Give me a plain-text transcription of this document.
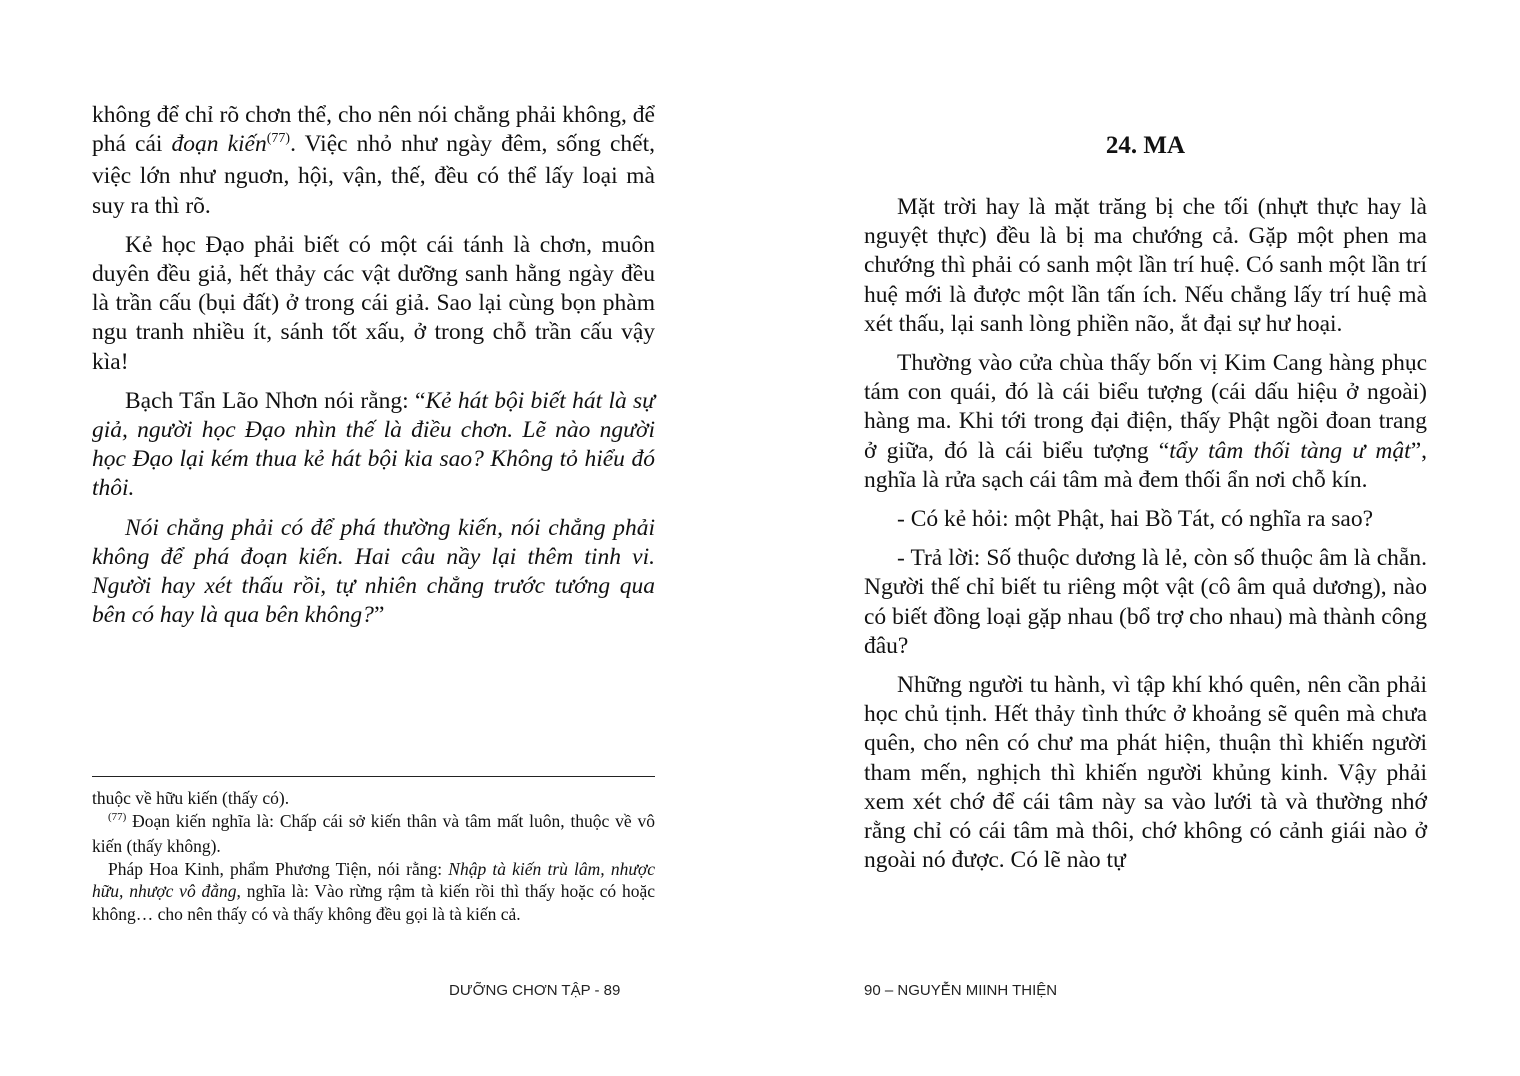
không để chỉ rõ chơn thể, cho nên nói chẳng phải không, để phá cái đoạn kiến$^{(77)}$. Việc nhỏ như ngày đêm, sống chết, việc lớn như nguơn, hội, vận, thế, đều có thể lấy loại mà suy ra thì rõ.

Kẻ học Đạo phải biết có một cái tánh là chơn, muôn duyên đều giả, hết thảy các vật dưỡng sanh hằng ngày đều là trần cấu (bụi đất) ở trong cái giả. Sao lại cùng bọn phàm ngu tranh nhiều ít, sánh tốt xấu, ở trong chỗ trần cấu vậy kìa!

Bạch Tẩn Lão Nhơn nói rằng: “Kẻ hát bội biết hát là sự giả, người học Đạo nhìn thế là điều chơn. Lẽ nào người học Đạo lại kém thua kẻ hát bội kia sao? Không tỏ hiểu đó thôi.

Nói chẳng phải có để phá thường kiến, nói chẳng phải không để phá đoạn kiến. Hai câu nầy lại thêm tinh vi. Người hay xét thấu rồi, tự nhiên chẳng trước tướng qua bên có hay là qua bên không?”

thuộc về hữu kiến (thấy có).

$^{(77)}$ Đoạn kiến nghĩa là: Chấp cái sở kiến thân và tâm mất luôn, thuộc về vô kiến (thấy không).

Pháp Hoa Kinh, phẩm Phương Tiện, nói rằng: Nhập tà kiến trù lâm, nhược hữu, nhược vô đẳng, nghĩa là: Vào rừng rậm tà kiến rồi thì thấy hoặc có hoặc không… cho nên thấy có và thấy không đều gọi là tà kiến cả.

DƯỠNG CHƠN TẬP - 89
24. MA

Mặt trời hay là mặt trăng bị che tối (nhựt thực hay là nguyệt thực) đều là bị ma chướng cả. Gặp một phen ma chướng thì phải có sanh một lần trí huệ. Có sanh một lần trí huệ mới là được một lần tấn ích. Nếu chẳng lấy trí huệ mà xét thấu, lại sanh lòng phiền não, ắt đại sự hư hoại.

Thường vào cửa chùa thấy bốn vị Kim Cang hàng phục tám con quái, đó là cái biểu tượng (cái dấu hiệu ở ngoài) hàng ma. Khi tới trong đại điện, thấy Phật ngồi đoan trang ở giữa, đó là cái biểu tượng “tẩy tâm thối tàng ư mật”, nghĩa là rửa sạch cái tâm mà đem thối ẩn nơi chỗ kín.

- Có kẻ hỏi: một Phật, hai Bồ Tát, có nghĩa ra sao?

- Trả lời: Số thuộc dương là lẻ, còn số thuộc âm là chẵn. Người thế chỉ biết tu riêng một vật (cô âm quả dương), nào có biết đồng loại gặp nhau (bổ trợ cho nhau) mà thành công đâu?

Những người tu hành, vì tập khí khó quên, nên cần phải học chủ tịnh. Hết thảy tình thức ở khoảng sẽ quên mà chưa quên, cho nên có chư ma phát hiện, thuận thì khiến người tham mến, nghịch thì khiến người khủng kinh. Vậy phải xem xét chớ để cái tâm này sa vào lưới tà và thường nhớ rằng chỉ có cái tâm mà thôi, chớ không có cảnh giái nào ở ngoài nó được. Có lẽ nào tự

90 – NGUYỄN MIINH THIỆN
